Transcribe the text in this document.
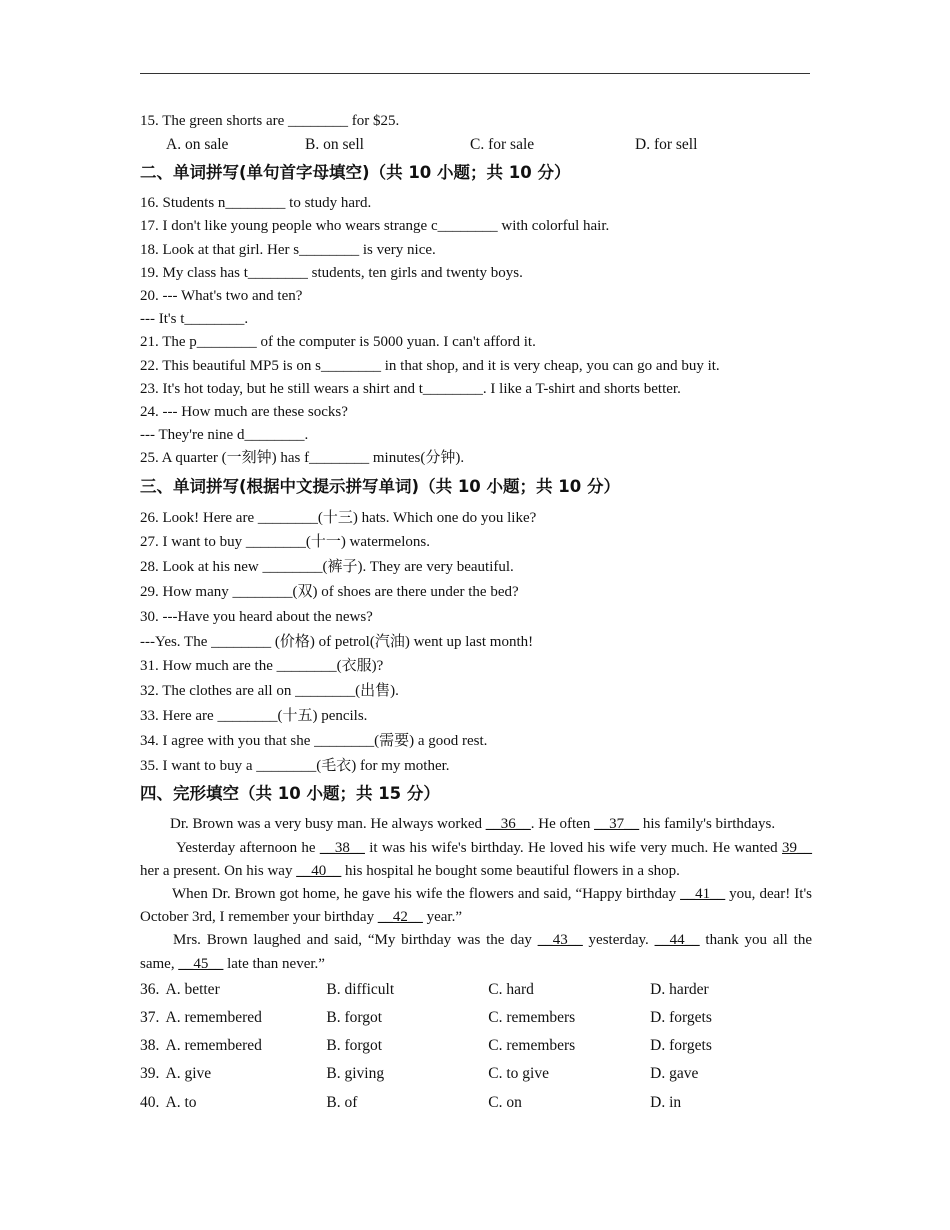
15. The green shorts are ________ for $25.
A. on sale	B. on sell	C. for sale	D. for sell
二、单词拼写(单句首字母填空)（共 10 小题；共 10 分）
16. Students n________ to study hard.
17. I don't like young people who wears strange c________ with colorful hair.
18. Look at that girl. Her s________ is very nice.
19. My class has t________ students, ten girls and twenty boys.
20. --- What's two and ten?
--- It's t________.
21. The p________ of the computer is 5000 yuan. I can't afford it.
22. This beautiful MP5 is on s________ in that shop, and it is very cheap, you can go and buy it.
23. It's hot today, but he still wears a shirt and t________. I like a T-shirt and shorts better.
24. --- How much are these socks?
--- They're nine d________.
25. A quarter (一刻钟) has f________ minutes(分钟).
三、单词拼写(根据中文提示拼写单词)（共 10 小题；共 10 分）
26. Look! Here are ________(十三) hats. Which one do you like?
27. I want to buy ________(十一) watermelons.
28. Look at his new ________(裤子). They are very beautiful.
29. How many ________(双) of shoes are there under the bed?
30. ---Have you heard about the news?
---Yes. The ________ (价格) of petrol(汽油) went up last month!
31. How much are the ________(衣服)?
32. The clothes are all on ________(出售).
33. Here are ________(十五) pencils.
34. I agree with you that she ________(需要) a good rest.
35. I want to buy a ________(毛衣) for my mother.
四、完形填空（共 10 小题；共 15 分）
Dr. Brown was a very busy man. He always worked __36__. He often __37__ his family's birthdays.
Yesterday afternoon he __38__ it was his wife's birthday. He loved his wife very much. He wanted 39__ her a present. On his way __40__ his hospital he bought some beautiful flowers in a shop.
When Dr. Brown got home, he gave his wife the flowers and said, “Happy birthday __41__ you, dear! It's October 3rd, I remember your birthday __42__ year.”
Mrs. Brown laughed and said, “My birthday was the day __43__ yesterday. __44__ thank you all the same, __45__ late than never.”
36. A. better	B. difficult	C. hard	D. harder
37. A. remembered	B. forgot	C. remembers	D. forgets
38. A. remembered	B. forgot	C. remembers	D. forgets
39. A. give	B. giving	C. to give	D. gave
40. A. to	B. of	C. on	D. in
